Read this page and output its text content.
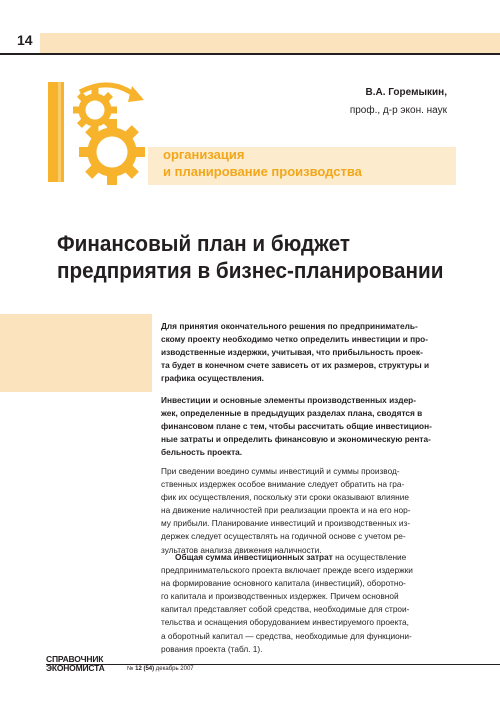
14
В.А. Горемыкин,
проф., д-р экон. наук
организация
и планирование производства
Финансовый план и бюджет
предприятия в бизнес-планировании

Для принятия окончательного решения по предприниматель-

скому проекту необходимо четко определить инвестиции и про-

изводственные издержки, учитывая, что прибыльность проек-

та будет в конечном счете зависеть от их размеров, структуры и

графика осуществления.

Инвестиции и основные элементы производственных издер-

жек, определенные в предыдущих разделах плана, сводятся в

финансовом плане с тем, чтобы рассчитать общие инвестицион-

ные затраты и определить финансовую и экономическую рента-

бельность проекта.

При сведении воедино суммы инвестиций и суммы производ-

ственных издержек особое внимание следует обратить на гра-

фик их осуществления, поскольку эти сроки оказывают влияние

на движение наличностей при реализации проекта и на его нор-

му прибыли. Планирование инвестиций и производственных из-

держек следует осуществлять на годичной основе с учетом ре-

зультатов анализа движения наличности.

Общая сумма инвестиционных затрат на осуществление

предпринимательского проекта включает прежде всего издержки

на формирование основного капитала (инвестиций), оборотно-

го капитала и производственных издержек. Причем основной

капитал представляет собой средства, необходимые для строи-

тельства и оснащения оборудованием инвестируемого проекта,

а оборотный капитал — средства, необходимые для функциони-

рования проекта (табл. 1).

СПРАВОЧНИК
ЭКОНОМИСТА	№ 12 (54) декабрь 2007
